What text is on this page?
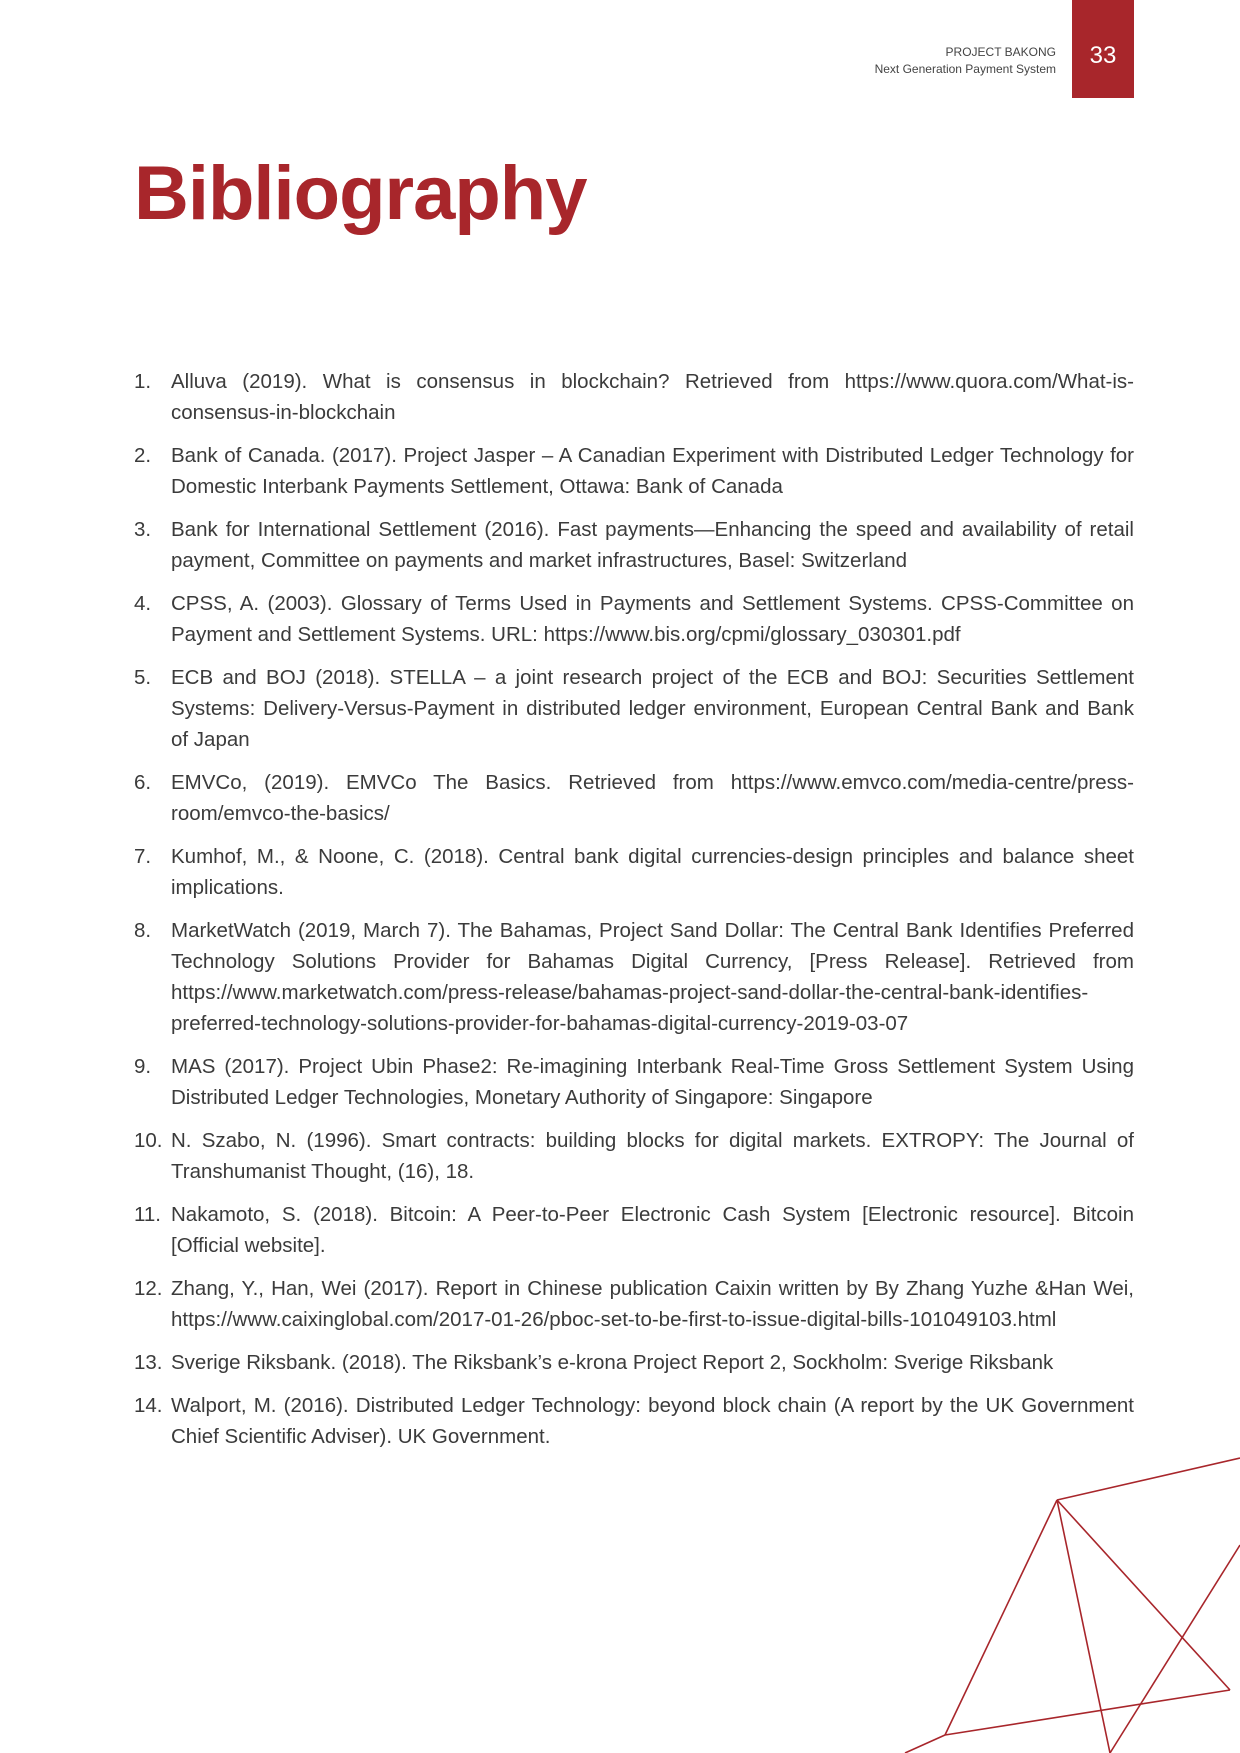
PROJECT BAKONG
Next Generation Payment System	33
Bibliography
1. Alluva (2019). What is consensus in blockchain? Retrieved from https://www.quora.com/What-is-consensus-in-blockchain
2. Bank of Canada. (2017). Project Jasper – A Canadian Experiment with Distributed Ledger Technology for Domestic Interbank Payments Settlement, Ottawa: Bank of Canada
3. Bank for International Settlement (2016). Fast payments—Enhancing the speed and availability of retail payment, Committee on payments and market infrastructures, Basel: Switzerland
4. CPSS, A. (2003). Glossary of Terms Used in Payments and Settlement Systems. CPSS-Committee on Payment and Settlement Systems. URL: https://www.bis.org/cpmi/glossary_030301.pdf
5. ECB and BOJ (2018). STELLA – a joint research project of the ECB and BOJ: Securities Settlement Systems: Delivery-Versus-Payment in distributed ledger environment, European Central Bank and Bank of Japan
6. EMVCo, (2019). EMVCo The Basics. Retrieved from https://www.emvco.com/media-centre/press-room/emvco-the-basics/
7. Kumhof, M., & Noone, C. (2018). Central bank digital currencies-design principles and balance sheet implications.
8. MarketWatch (2019, March 7). The Bahamas, Project Sand Dollar: The Central Bank Identifies Preferred Technology Solutions Provider for Bahamas Digital Currency, [Press Release]. Retrieved from https://www.marketwatch.com/press-release/bahamas-project-sand-dollar-the-central-bank-identifies-preferred-technology-solutions-provider-for-bahamas-digital-currency-2019-03-07
9. MAS (2017). Project Ubin Phase2: Re-imagining Interbank Real-Time Gross Settlement System Using Distributed Ledger Technologies, Monetary Authority of Singapore: Singapore
10. N. Szabo, N. (1996). Smart contracts: building blocks for digital markets. EXTROPY: The Journal of Transhumanist Thought, (16), 18.
11. Nakamoto, S. (2018). Bitcoin: A Peer-to-Peer Electronic Cash System [Electronic resource]. Bitcoin [Official website].
12. Zhang, Y., Han, Wei (2017). Report in Chinese publication Caixin written by By Zhang Yuzhe &Han Wei, https://www.caixinglobal.com/2017-01-26/pboc-set-to-be-first-to-issue-digital-bills-101049103.html
13. Sverige Riksbank. (2018). The Riksbank’s e-krona Project Report 2, Sockholm: Sverige Riksbank
14. Walport, M. (2016). Distributed Ledger Technology: beyond block chain (A report by the UK Government Chief Scientific Adviser). UK Government.
